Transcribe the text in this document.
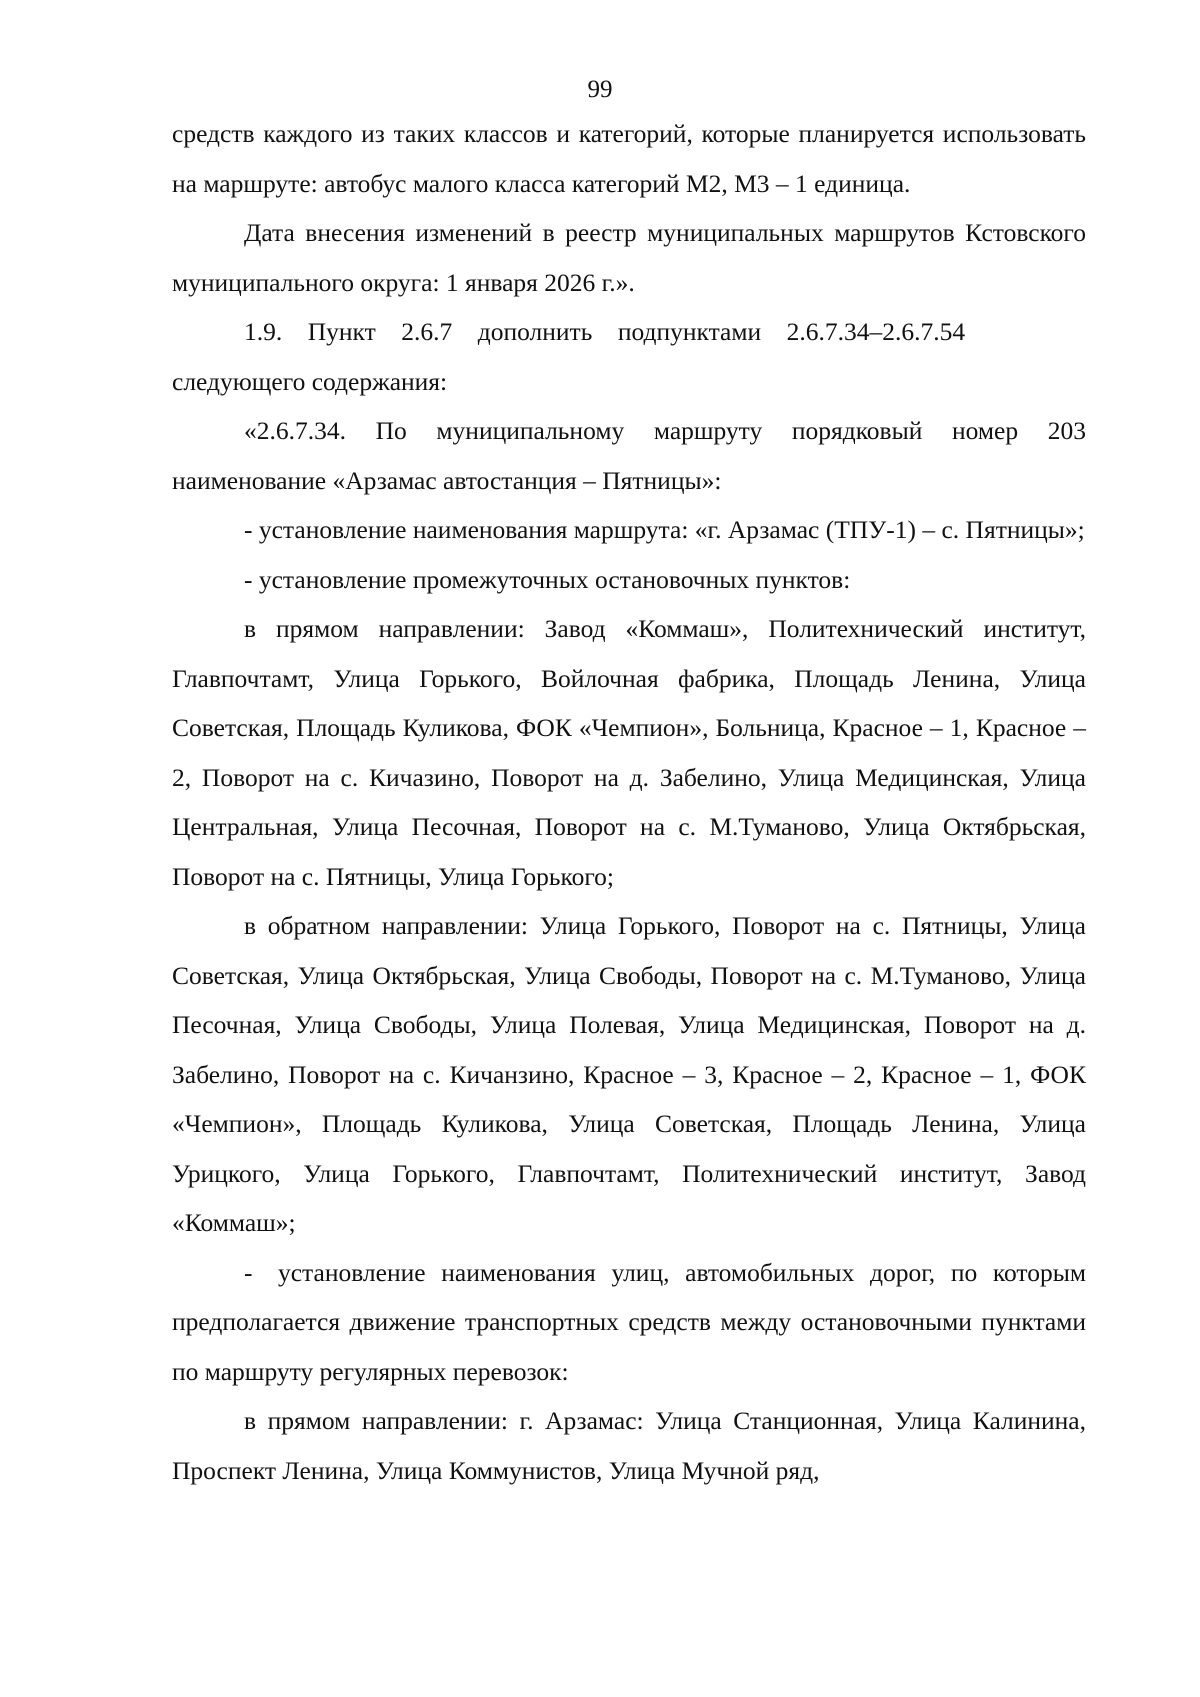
99

средств каждого из таких классов и категорий, которые планируется использовать на маршруте: автобус малого класса категорий М2, М3 – 1 единица.

Дата внесения изменений в реестр муниципальных маршрутов Кстовского муниципального округа: 1 января 2026 г.».

1.9. Пункт 2.6.7 дополнить подпунктами 2.6.7.34–2.6.7.54 следующего содержания:

«2.6.7.34. По муниципальному маршруту порядковый номер 203 наименование «Арзамас автостанция – Пятницы»:

- установление наименования маршрута: «г. Арзамас (ТПУ-1) – с. Пятницы»;

- установление промежуточных остановочных пунктов:

в прямом направлении: Завод «Коммаш», Политехнический институт, Главпочтамт, Улица Горького, Войлочная фабрика, Площадь Ленина, Улица Советская, Площадь Куликова, ФОК «Чемпион», Больница, Красное – 1, Красное – 2, Поворот на с. Кичазино, Поворот на д. Забелино, Улица Медицинская, Улица Центральная, Улица Песочная, Поворот на с. М.Туманово, Улица Октябрьская, Поворот на с. Пятницы, Улица Горького;

в обратном направлении: Улица Горького, Поворот на с. Пятницы, Улица Советская, Улица Октябрьская, Улица Свободы, Поворот на с. М.Туманово, Улица Песочная, Улица Свободы, Улица Полевая, Улица Медицинская, Поворот на д. Забелино, Поворот на с. Кичанзино, Красное – 3, Красное – 2, Красное – 1, ФОК «Чемпион», Площадь Куликова, Улица Советская, Площадь Ленина, Улица Урицкого, Улица Горького, Главпочтамт, Политехнический институт, Завод «Коммаш»;

- установление наименования улиц, автомобильных дорог, по которым предполагается движение транспортных средств между остановочными пунктами по маршруту регулярных перевозок:

в прямом направлении: г. Арзамас: Улица Станционная, Улица Калинина, Проспект Ленина, Улица Коммунистов, Улица Мучной ряд,
